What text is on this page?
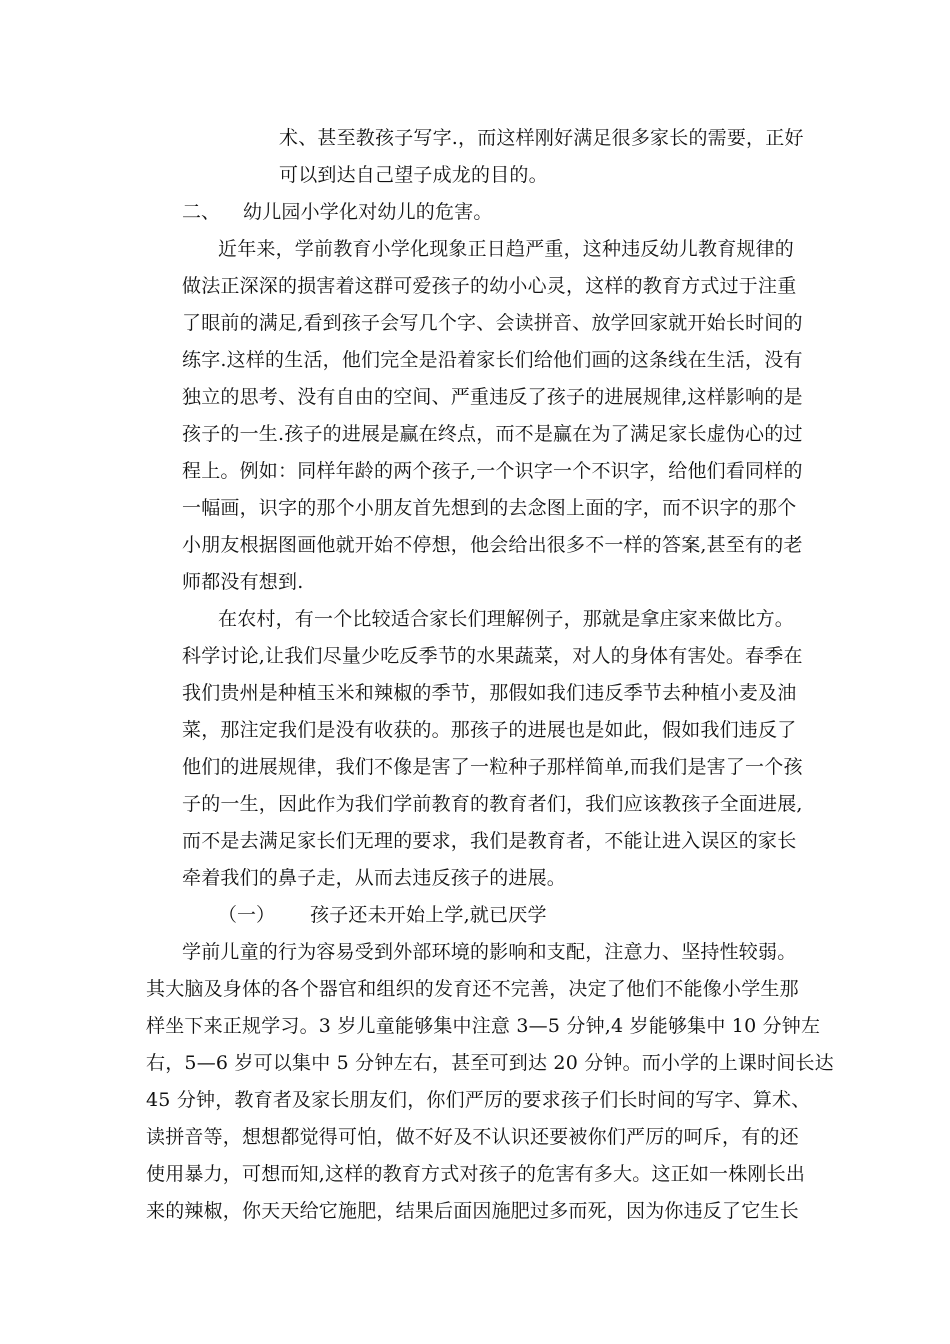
术、甚至教孩子写字.，而这样刚好满足很多家长的需要，正好
可以到达自己望子成龙的目的。
二、 幼儿园小学化对幼儿的危害。
近年来，学前教育小学化现象正日趋严重，这种违反幼儿教育规律的
做法正深深的损害着这群可爱孩子的幼小心灵，这样的教育方式过于注重
了眼前的满足,看到孩子会写几个字、会读拼音、放学回家就开始长时间的
练字.这样的生活，他们完全是沿着家长们给他们画的这条线在生活，没有
独立的思考、没有自由的空间、严重违反了孩子的进展规律,这样影响的是
孩子的一生.孩子的进展是赢在终点，而不是赢在为了满足家长虚伪心的过
程上。例如：同样年龄的两个孩子,一个识字一个不识字，给他们看同样的
一幅画，识字的那个小朋友首先想到的去念图上面的字，而不识字的那个
小朋友根据图画他就开始不停想，他会给出很多不一样的答案,甚至有的老
师都没有想到.
在农村，有一个比较适合家长们理解例子，那就是拿庄家来做比方。
科学讨论,让我们尽量少吃反季节的水果蔬菜，对人的身体有害处。春季在
我们贵州是种植玉米和辣椒的季节，那假如我们违反季节去种植小麦及油
菜，那注定我们是没有收获的。那孩子的进展也是如此，假如我们违反了
他们的进展规律，我们不像是害了一粒种子那样简单,而我们是害了一个孩
子的一生，因此作为我们学前教育的教育者们，我们应该教孩子全面进展,
而不是去满足家长们无理的要求，我们是教育者，不能让进入误区的家长
牵着我们的鼻子走，从而去违反孩子的进展。
（一） 孩子还未开始上学,就已厌学
学前儿童的行为容易受到外部环境的影响和支配，注意力、坚持性较弱。
其大脑及身体的各个器官和组织的发育还不完善，决定了他们不能像小学生那
样坐下来正规学习。3 岁儿童能够集中注意 3—5 分钟,4 岁能够集中 10 分钟左
右，5—6 岁可以集中 5 分钟左右，甚至可到达 20 分钟。而小学的上课时间长达
45 分钟，教育者及家长朋友们，你们严厉的要求孩子们长时间的写字、算术、
读拼音等，想想都觉得可怕，做不好及不认识还要被你们严厉的呵斥，有的还
使用暴力，可想而知,这样的教育方式对孩子的危害有多大。这正如一株刚长出
来的辣椒，你天天给它施肥，结果后面因施肥过多而死，因为你违反了它生长
